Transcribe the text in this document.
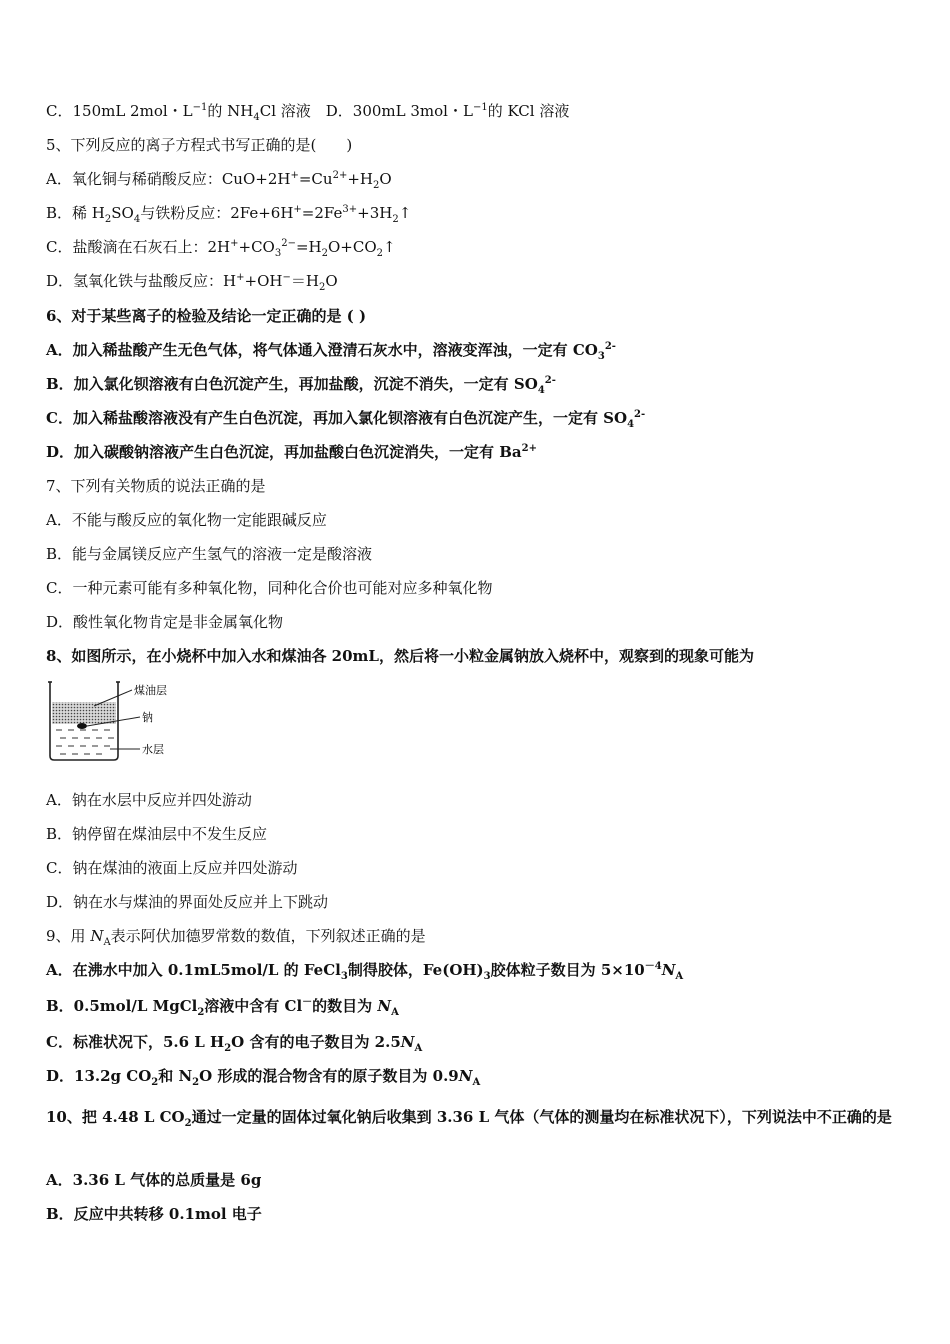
C．150mL 2mol・$L^{-1}$的 $NH_4Cl$ 溶液　D．300mL 3mol・$L^{-1}$的 KCl 溶液
5、下列反应的离子方程式书写正确的是(　　)
A．氧化铜与稀硝酸反应：$CuO+2H^+=Cu^{2+}+H_2O$
B．稀 $H_2SO_4$与铁粉反应：$2Fe+6H^+=2Fe^{3+}+3H_2↑$
C．盐酸滴在石灰石上：$2H^++CO_3^{2-}=H_2O+CO_2↑$
D．氢氧化铁与盐酸反应：$H^++OH^-=H_2O$
6、对于某些离子的检验及结论一定正确的是 ( )
A．加入稀盐酸产生无色气体，将气体通入澄清石灰水中，溶液变浑浊，一定有 $CO_3^{2-}$
B．加入氯化钡溶液有白色沉淀产生，再加盐酸，沉淀不消失，一定有 $SO_4^{2-}$
C．加入稀盐酸溶液没有产生白色沉淀，再加入氯化钡溶液有白色沉淀产生，一定有 $SO_4^{2-}$
D．加入碳酸钠溶液产生白色沉淀，再加盐酸白色沉淀消失，一定有 $Ba^{2+}$
7、下列有关物质的说法正确的是
A．不能与酸反应的氧化物一定能跟碱反应
B．能与金属镁反应产生氢气的溶液一定是酸溶液
C．一种元素可能有多种氧化物，同种化合价也可能对应多种氧化物
D．酸性氧化物肯定是非金属氧化物
8、如图所示，在小烧杯中加入水和煤油各 20mL，然后将一小粒金属钠放入烧杯中，观察到的现象可能为
煤油层
钠
水层
A．钠在水层中反应并四处游动
B．钠停留在煤油层中不发生反应
C．钠在煤油的液面上反应并四处游动
D．钠在水与煤油的界面处反应并上下跳动
9、用 $N_A$表示阿伏加德罗常数的数值，下列叙述正确的是
A．在沸水中加入 0.1mL5mol/L 的 FeCl$_3$制得胶体，$Fe(OH)_3$胶体粒子数目为 $5\times 10^{-4}N_A$
B．0.5mol/L MgCl$_2$溶液中含有 Cl－的数目为 $N_A$
C．标准状况下，5.6 L $H_2O$ 含有的电子数目为 $2.5N_A$
D．13.2g $CO_2$和 $N_2O$ 形成的混合物含有的原子数目为 $0.9N_A$
10、把 4.48 L $CO_2$通过一定量的固体过氧化钠后收集到 3.36 L 气体（气体的测量均在标准状况下），下列说法中不正确的是
A．3.36 L 气体的总质量是 6g
B．反应中共转移 0.1mol 电子
